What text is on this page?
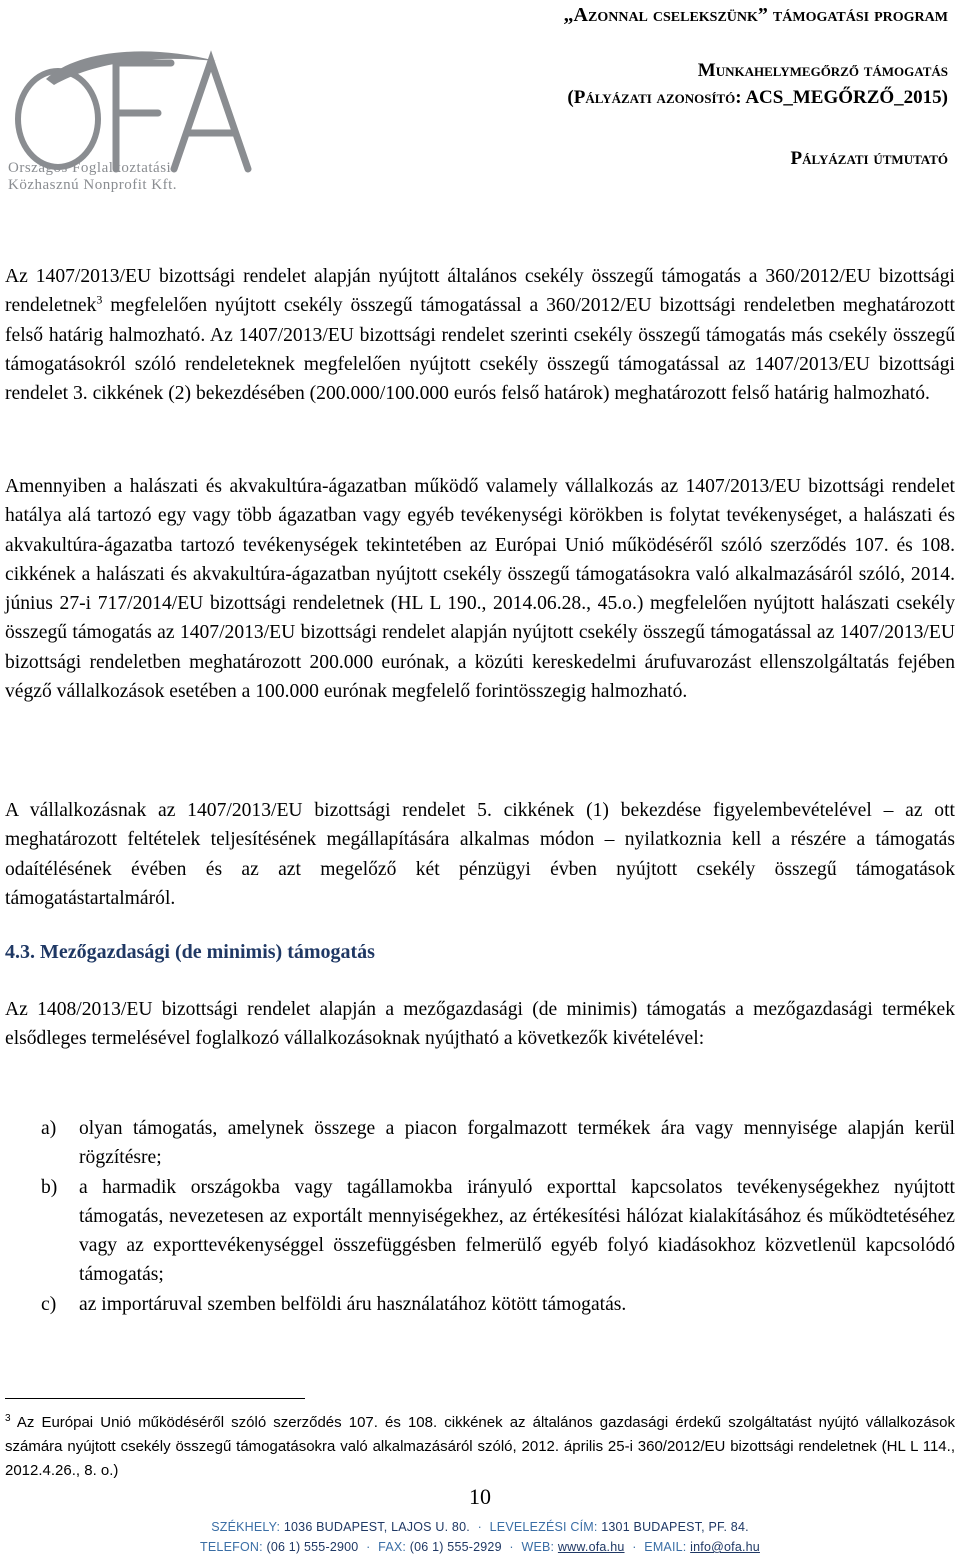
Országos Foglalkoztatási
Közhasznú Nonprofit Kft.
„Azonnal cselekszünk” támogatási program
Munkahelymegőrző támogatás
(Pályázati azonosító: ACS_MEGŐRZŐ_2015)
Pályázati útmutató
Az 1407/2013/EU bizottsági rendelet alapján nyújtott általános csekély összegű támogatás a 360/2012/EU bizottsági rendeletnek$^3$ megfelelően nyújtott csekély összegű támogatással a 360/2012/EU bizottsági rendeletben meghatározott felső határig halmozható. Az 1407/2013/EU bizottsági rendelet szerinti csekély összegű támogatás más csekély összegű támogatásokról szóló rendeleteknek megfelelően nyújtott csekély összegű támogatással az 1407/2013/EU bizottsági rendelet 3. cikkének (2) bekezdésében (200.000/100.000 eurós felső határok) meghatározott felső határig halmozható.
Amennyiben a halászati és akvakultúra-ágazatban működő valamely vállalkozás az 1407/2013/EU bizottsági rendelet hatálya alá tartozó egy vagy több ágazatban vagy egyéb tevékenységi körökben is folytat tevékenységet, a halászati és akvakultúra-ágazatba tartozó tevékenységek tekintetében az Európai Unió működéséről szóló szerződés 107. és 108. cikkének a halászati és akvakultúra-ágazatban nyújtott csekély összegű támogatásokra való alkalmazásáról szóló, 2014. június 27-i 717/2014/EU bizottsági rendeletnek (HL L 190., 2014.06.28., 45.o.) megfelelően nyújtott halászati csekély összegű támogatás az 1407/2013/EU bizottsági rendelet alapján nyújtott csekély összegű támogatással az 1407/2013/EU bizottsági rendeletben meghatározott 200.000 eurónak, a közúti kereskedelmi árufuvarozást ellenszolgáltatás fejében végző vállalkozások esetében a 100.000 eurónak megfelelő forintösszegig halmozható.
A vállalkozásnak az 1407/2013/EU bizottsági rendelet 5. cikkének (1) bekezdése figyelembevételével – az ott meghatározott feltételek teljesítésének megállapítására alkalmas módon – nyilatkoznia kell a részére a támogatás odaítélésének évében és az azt megelőző két pénzügyi évben nyújtott csekély összegű támogatások támogatástartalmáról.
4.3. Mezőgazdasági (de minimis) támogatás
Az 1408/2013/EU bizottsági rendelet alapján a mezőgazdasági (de minimis) támogatás a mezőgazdasági termékek elsődleges termelésével foglalkozó vállalkozásoknak nyújtható a következők kivételével:
a) olyan támogatás, amelynek összege a piacon forgalmazott termékek ára vagy mennyisége alapján kerül rögzítésre;
b) a harmadik országokba vagy tagállamokba irányuló exporttal kapcsolatos tevékenységekhez nyújtott támogatás, nevezetesen az exportált mennyiségekhez, az értékesítési hálózat kialakításához és működtetéséhez vagy az exporttevékenységgel összefüggésben felmerülő egyéb folyó kiadásokhoz közvetlenül kapcsolódó támogatás;
c) az importáruval szemben belföldi áru használatához kötött támogatás.
$^3$ Az Európai Unió működéséről szóló szerződés 107. és 108. cikkének az általános gazdasági érdekű szolgáltatást nyújtó vállalkozások számára nyújtott csekély összegű támogatásokra való alkalmazásáról szóló, 2012. április 25-i 360/2012/EU bizottsági rendeletnek (HL L 114., 2012.4.26., 8. o.)
10
SZÉKHELY: 1036 BUDAPEST, LAJOS U. 80. · LEVELEZÉSI CÍM: 1301 BUDAPEST, PF. 84.
TELEFON: (06 1) 555-2900 · FAX: (06 1) 555-2929 · WEB: www.ofa.hu · EMAIL: info@ofa.hu
